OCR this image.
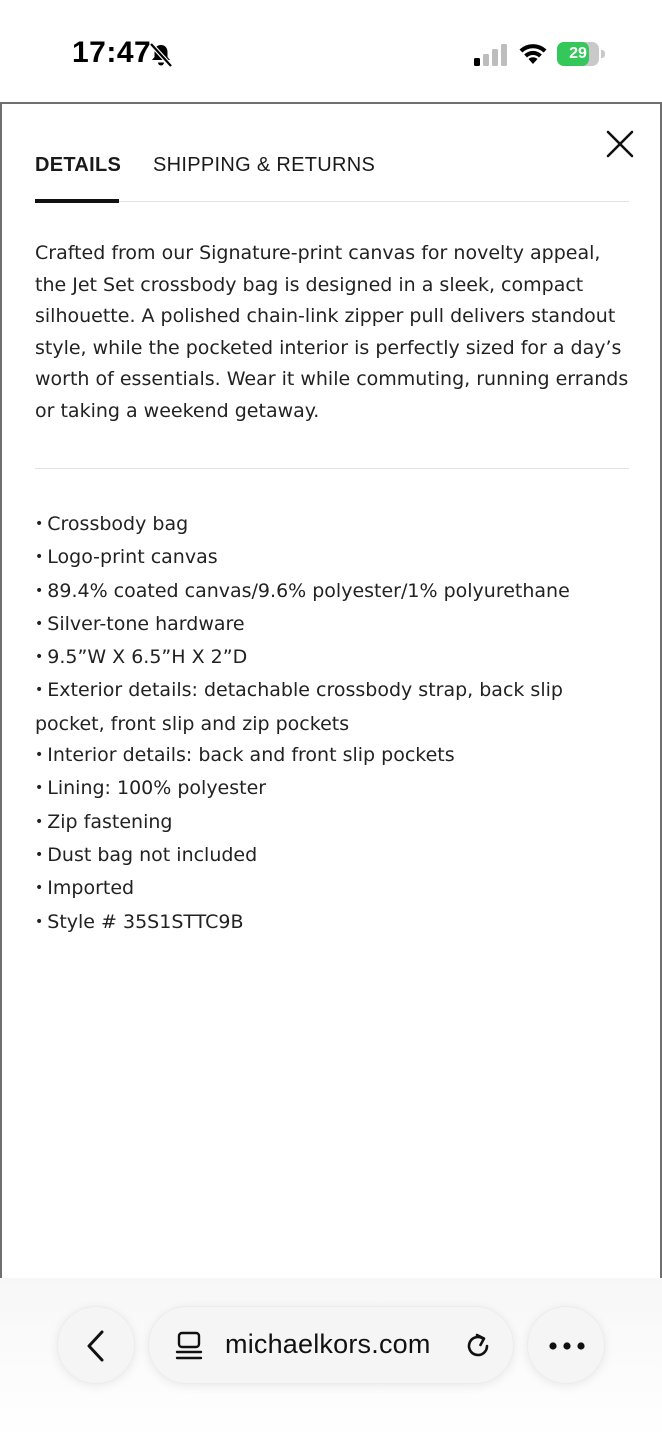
17:47	29
DETAILS SHIPPING & RETURNS

Crafted from our Signature-print canvas for novelty appeal, the Jet Set crossbody bag is designed in a sleek, compact silhouette. A polished chain-link zipper pull delivers standout style, while the pocketed interior is perfectly sized for a day’s worth of essentials. Wear it while commuting, running errands or taking a weekend getaway.

• Crossbody bag
• Logo-print canvas
• 89.4% coated canvas/9.6% polyester/1% polyurethane
• Silver-tone hardware
• 9.5”W X 6.5”H X 2”D
• Exterior details: detachable crossbody strap, back slip pocket, front slip and zip pockets
• Interior details: back and front slip pockets
• Lining: 100% polyester
• Zip fastening
• Dust bag not included
• Imported
• Style # 35S1STTC9B
michaelkors.com
